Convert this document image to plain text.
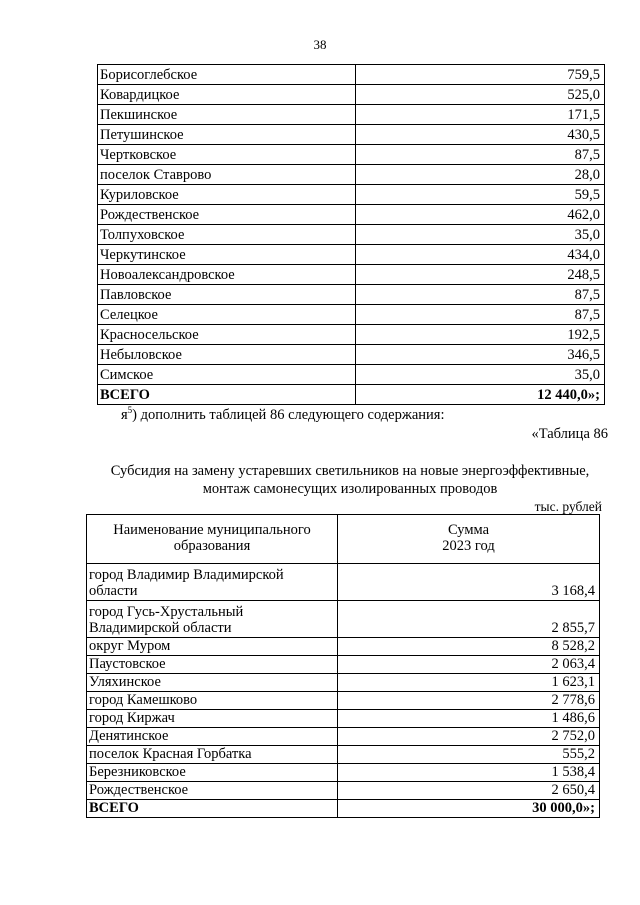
38
Борисоглебское	759,5
Ковардицкое	525,0
Пекшинское	171,5
Петушинское	430,5
Чертковское	87,5
поселок Ставрово	28,0
Куриловское	59,5
Рождественское	462,0
Толпуховское	35,0
Черкутинское	434,0
Новоалександровское	248,5
Павловское	87,5
Селецкое	87,5
Красносельское	192,5
Небыловское	346,5
Симское	35,0
ВСЕГО	12 440,0»;
$я^5$) дополнить таблицей 86 следующего содержания:
«Таблица 86
Субсидия на замену устаревших светильников на новые энергоэффективные,
монтаж самонесущих изолированных проводов
тыс. рублей
Наименование муниципального
образования	Сумма
2023 год

город Владимир Владимирской
области	3 168,4

город Гусь-Хрустальный
Владимирской области	2 855,7
округ Муром	8 528,2
Паустовское	2 063,4
Уляхинское	1 623,1
город Камешково	2 778,6
город Киржач	1 486,6
Денятинское	2 752,0
поселок Красная Горбатка	555,2
Березниковское	1 538,4
Рождественское	2 650,4
ВСЕГО	30 000,0»;
